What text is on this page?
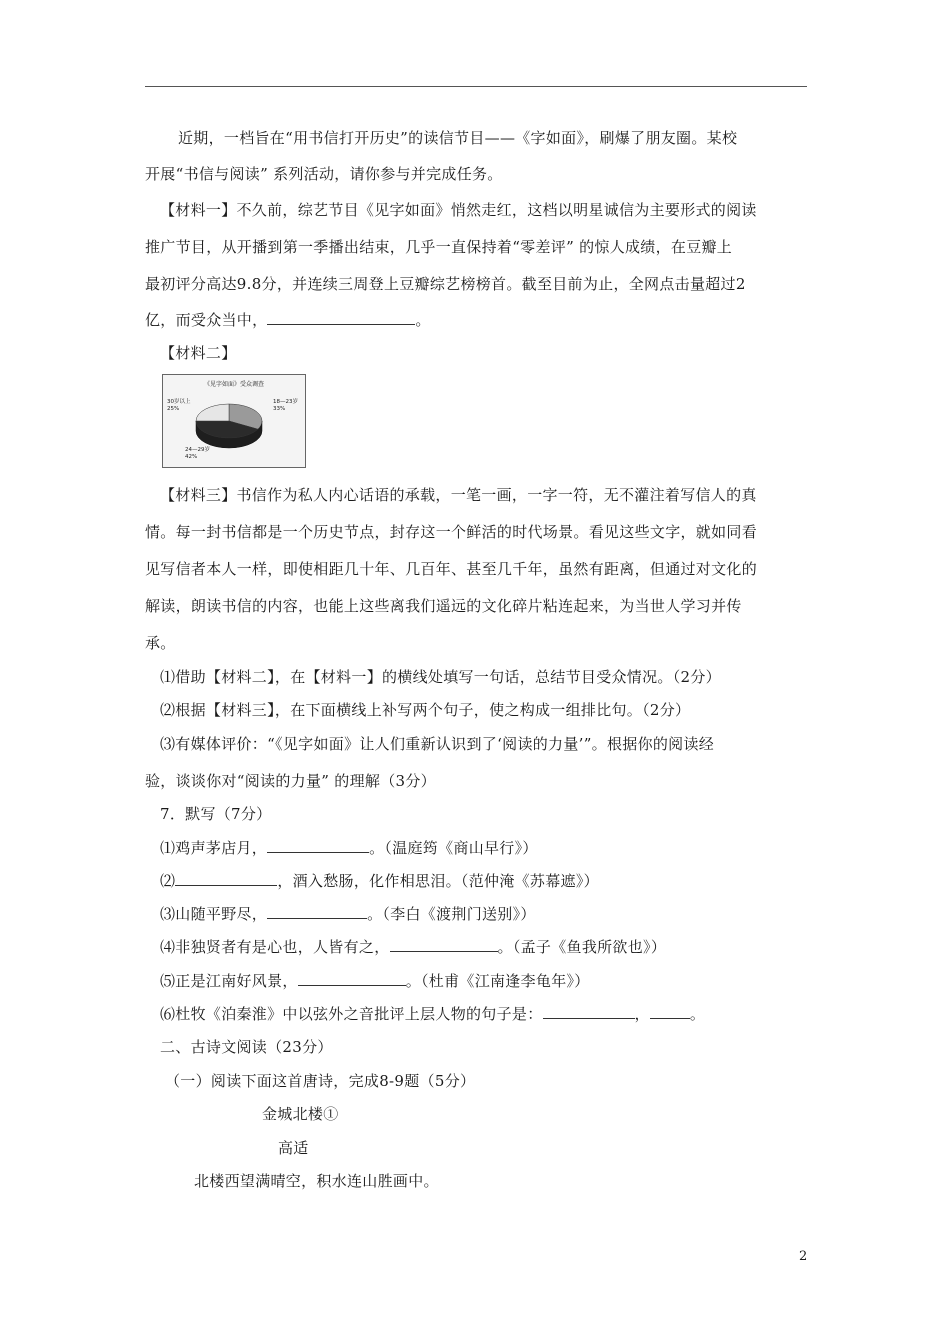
近期，一档旨在“用书信打开历史”的读信节目——《字如面》，刷爆了朋友圈。某校
开展“书信与阅读” 系列活动，请你参与并完成任务。
【材料一】不久前，综艺节目《见字如面》悄然走红，这档以明星诚信为主要形式的阅读
推广节目，从开播到第一季播出结束，几乎一直保持着“零差评” 的惊人成绩，在豆瓣上
最初评分高达9.8分，并连续三周登上豆瓣综艺榜榜首。截至目前为止，全网点击量超过2
亿，而受众当中，	。
【材料二】
《见字如面》受众调查
18—23岁
33%
24—29岁
42%
30岁以上
25%
【材料三】书信作为私人内心话语的承载，一笔一画，一字一符，无不灌注着写信人的真
情。每一封书信都是一个历史节点，封存这一个鲜活的时代场景。看见这些文字，就如同看
见写信者本人一样，即使相距几十年、几百年、甚至几千年，虽然有距离，但通过对文化的
解读，朗读书信的内容，也能上这些离我们遥远的文化碎片粘连起来，为当世人学习并传
承。
⑴借助【材料二】，在【材料一】的横线处填写一句话，总结节目受众情况。（2分）
⑵根据【材料三】，在下面横线上补写两个句子，使之构成一组排比句。（2分）
⑶有媒体评价：“《见字如面》让人们重新认识到了‘阅读的力量’”。根据你的阅读经
验，谈谈你对“阅读的力量” 的理解（3分）
7．默写（7分）
⑴鸡声茅店月，	。（温庭筠《商山早行》）
⑵	，酒入愁肠，化作相思泪。（范仲淹《苏幕遮》）
⑶山随平野尽，	。（李白《渡荆门送别》）
⑷非独贤者有是心也，人皆有之，	。（孟子《鱼我所欲也》）
⑸正是江南好风景，	。（杜甫《江南逢李龟年》）
⑹杜牧《泊秦淮》中以弦外之音批评上层人物的句子是：	，	。
二、古诗文阅读（23分）
（一）阅读下面这首唐诗，完成8-9题（5分）
金城北楼①
高适
北楼西望满晴空，积水连山胜画中。
2
